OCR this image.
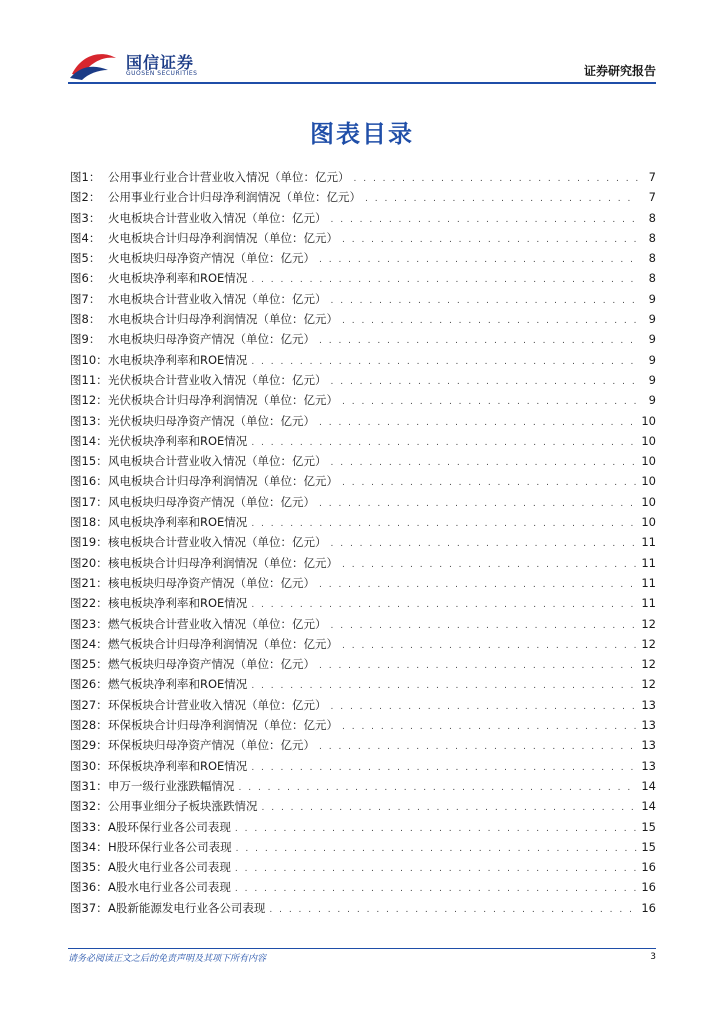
国信证券
GUOSEN SECURITIES	证券研究报告
图表目录
图1： 公用事业行业合计营业收入情况（单位：亿元） . . .	7
图2： 公用事业行业合计归母净利润情况（单位：亿元） . . .	7
图3： 火电板块合计营业收入情况（单位：亿元） . . .	8
图4： 火电板块合计归母净利润情况（单位：亿元） . . .	8
图5： 火电板块归母净资产情况（单位：亿元） . . .	8
图6： 火电板块净利率和ROE情况 . . .	8
图7： 水电板块合计营业收入情况（单位：亿元） . . .	9
图8： 水电板块合计归母净利润情况（单位：亿元） . . .	9
图9： 水电板块归母净资产情况（单位：亿元） . . .	9
图10： 水电板块净利率和ROE情况 . . .	9
图11： 光伏板块合计营业收入情况（单位：亿元） . . .	9
图12： 光伏板块合计归母净利润情况（单位：亿元） . . .	9
图13： 光伏板块归母净资产情况（单位：亿元） . . .	10
图14： 光伏板块净利率和ROE情况 . . .	10
图15： 风电板块合计营业收入情况（单位：亿元） . . .	10
图16： 风电板块合计归母净利润情况（单位：亿元） . . .	10
图17： 风电板块归母净资产情况（单位：亿元） . . .	10
图18： 风电板块净利率和ROE情况 . . .	10
图19： 核电板块合计营业收入情况（单位：亿元） . . .	11
图20： 核电板块合计归母净利润情况（单位：亿元） . . .	11
图21： 核电板块归母净资产情况（单位：亿元） . . .	11
图22： 核电板块净利率和ROE情况 . . .	11
图23： 燃气板块合计营业收入情况（单位：亿元） . . .	12
图24： 燃气板块合计归母净利润情况（单位：亿元） . . .	12
图25： 燃气板块归母净资产情况（单位：亿元） . . .	12
图26： 燃气板块净利率和ROE情况 . . .	12
图27： 环保板块合计营业收入情况（单位：亿元） . . .	13
图28： 环保板块合计归母净利润情况（单位：亿元） . . .	13
图29： 环保板块归母净资产情况（单位：亿元） . . .	13
图30： 环保板块净利率和ROE情况 . . .	13
图31： 申万一级行业涨跌幅情况 . . .	14
图32： 公用事业细分子板块涨跌情况 . . .	14
图33： A股环保行业各公司表现 . . .	15
图34： H股环保行业各公司表现 . . .	15
图35： A股火电行业各公司表现 . . .	16
图36： A股水电行业各公司表现 . . .	16
图37： A股新能源发电行业各公司表现 . . .	16
请务必阅读正文之后的免责声明及其项下所有内容	3
